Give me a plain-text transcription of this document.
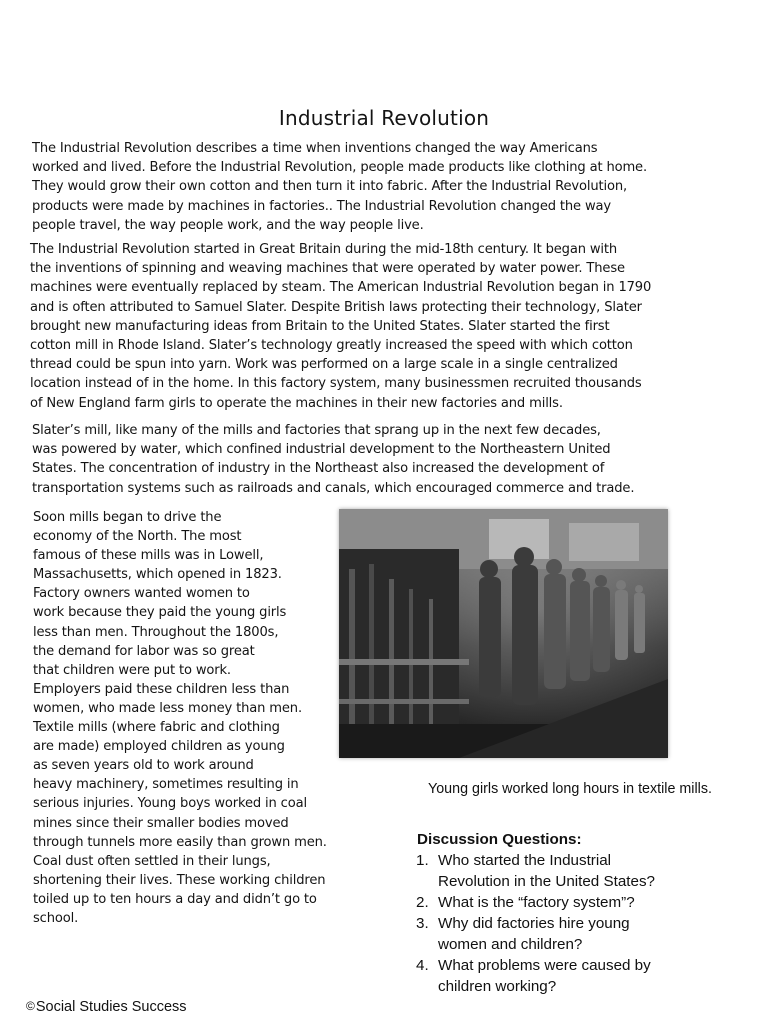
Industrial Revolution

The Industrial Revolution describes a time when inventions changed the way Americans
worked and lived. Before the Industrial Revolution, people made products like clothing at home.
They would grow their own cotton and then turn it into fabric. After the Industrial Revolution,
products were made by machines in factories.. The Industrial Revolution changed the way
people travel, the way people work, and the way people live.

The Industrial Revolution started in Great Britain during the mid-18th century. It began with
the inventions of spinning and weaving machines that were operated by water power. These
machines were eventually replaced by steam. The American Industrial Revolution began in 1790
and is often attributed to Samuel Slater. Despite British laws protecting their technology, Slater
brought new manufacturing ideas from Britain to the United States. Slater started the first
cotton mill in Rhode Island. Slater’s technology greatly increased the speed with which cotton
thread could be spun into yarn. Work was performed on a large scale in a single centralized
location instead of in the home. In this factory system, many businessmen recruited thousands
of New England farm girls to operate the machines in their new factories and mills.

Slater’s mill, like many of the mills and factories that sprang up in the next few decades,
was powered by water, which confined industrial development to the Northeastern United
States. The concentration of industry in the Northeast also increased the development of
transportation systems such as railroads and canals, which encouraged commerce and trade.

Soon mills began to drive the
economy of the North. The most
famous of these mills was in Lowell,
Massachusetts, which opened in 1823.
Factory owners wanted women to
work because they paid the young girls
less than men. Throughout the 1800s,
the demand for labor was so great
that children were put to work.
Employers paid these children less than
women, who made less money than men.
Textile mills (where fabric and clothing
are made) employed children as young
as seven years old to work around
heavy machinery, sometimes resulting in
serious injuries. Young boys worked in coal
mines since their smaller bodies moved
through tunnels more easily than grown men.
Coal dust often settled in their lungs,
shortening their lives. These working children
toiled up to ten hours a day and didn’t go to
school.

Young girls worked long hours in textile mills.

Discussion Questions:

1. Who started the Industrial
Revolution in the United States?
2. What is the “factory system”?
3. Why did factories hire young
women and children?
4. What problems were caused by
children working?

©Social Studies Success
